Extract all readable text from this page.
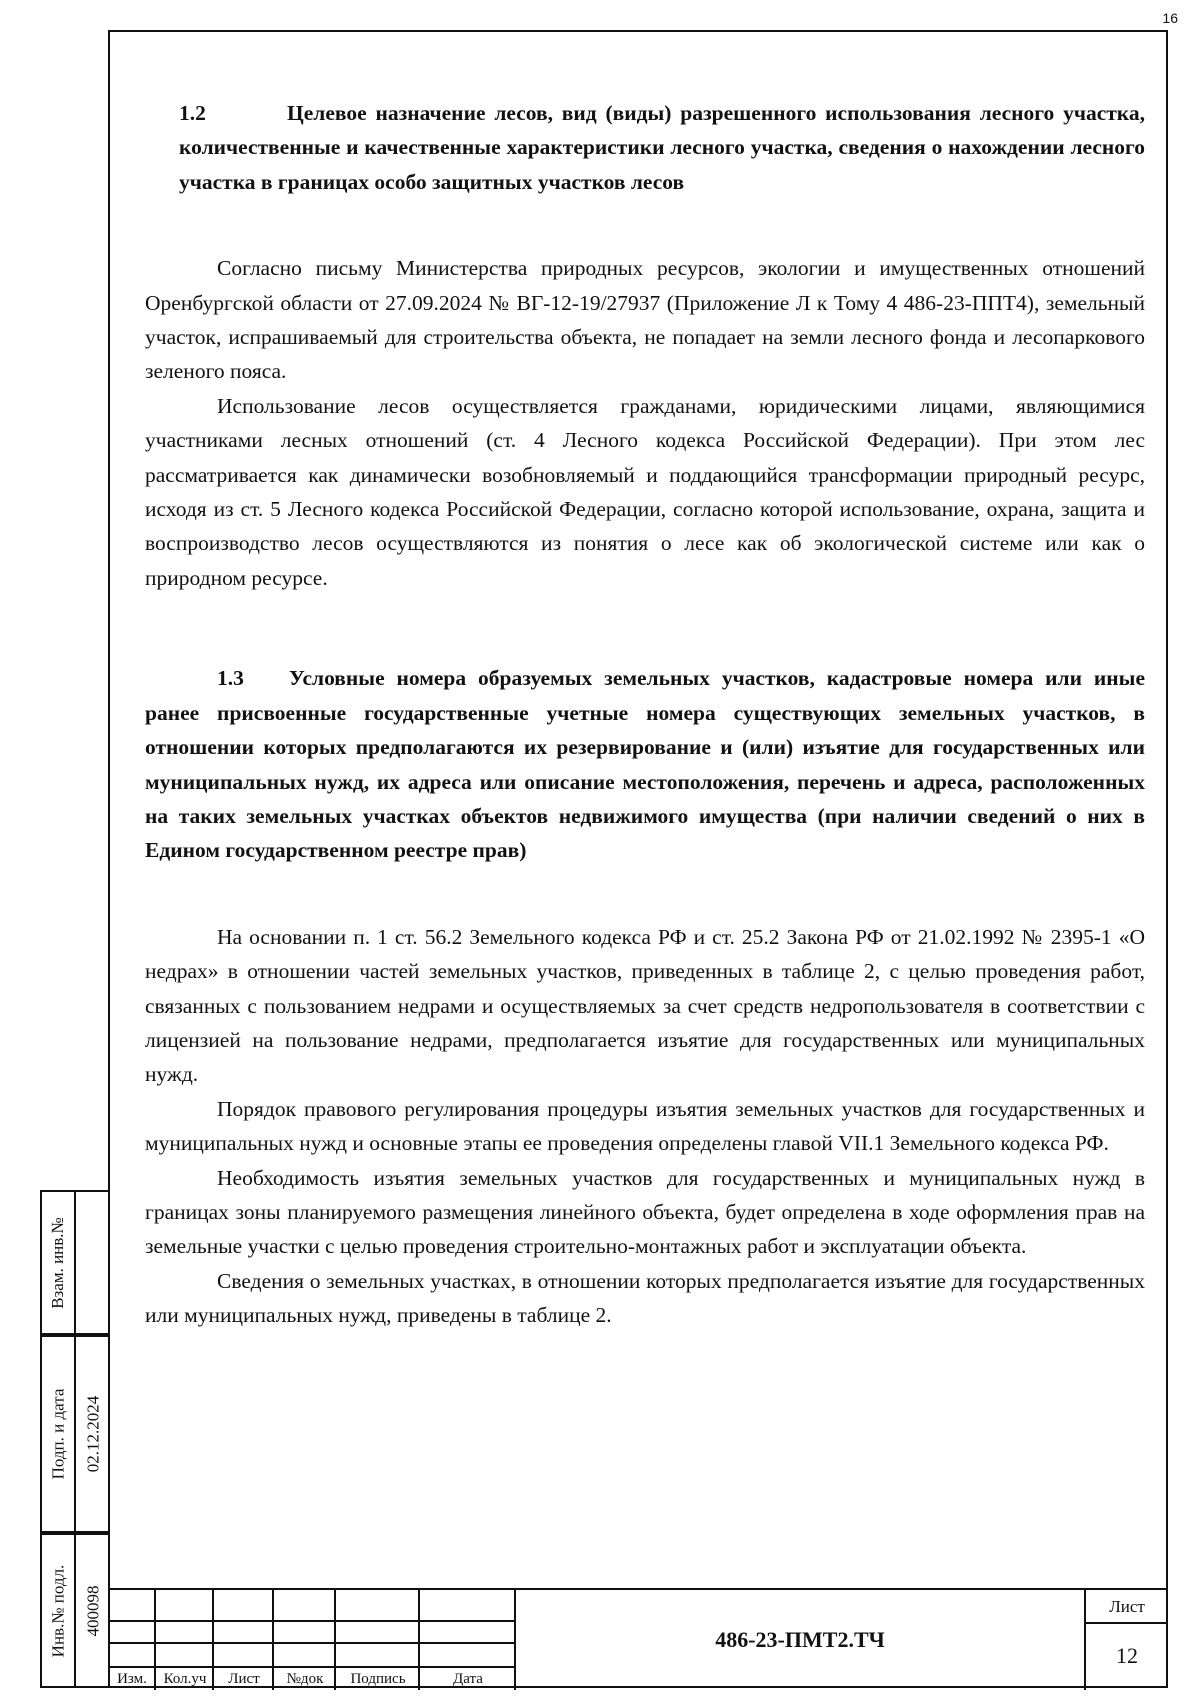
16
1.2	Целевое назначение лесов, вид (виды) разрешенного использования лесного участка, количественные и качественные характеристики лесного участка, сведения о нахождении лесного участка в границах особо защитных участков лесов

Согласно письму Министерства природных ресурсов, экологии и имущественных отношений Оренбургской области от 27.09.2024 № ВГ-12-19/27937 (Приложение Л к Тому 4 486-23-ППТ4), земельный участок, испрашиваемый для строительства объекта, не попадает на земли лесного фонда и лесопаркового зеленого пояса.

Использование лесов осуществляется гражданами, юридическими лицами, являющимися участниками лесных отношений (ст. 4 Лесного кодекса Российской Федерации). При этом лес рассматривается как динамически возобновляемый и поддающийся трансформации природный ресурс, исходя из ст. 5 Лесного кодекса Российской Федерации, согласно которой использование, охрана, защита и воспроизводство лесов осуществляются из понятия о лесе как об экологической системе или как о природном ресурсе.

1.3 Условные номера образуемых земельных участков, кадастровые номера или иные ранее присвоенные государственные учетные номера существующих земельных участков, в отношении которых предполагаются их резервирование и (или) изъятие для государственных или муниципальных нужд, их адреса или описание местоположения, перечень и адреса, расположенных на таких земельных участках объектов недвижимого имущества (при наличии сведений о них в Едином государственном реестре прав)

На основании п. 1 ст. 56.2 Земельного кодекса РФ и ст. 25.2 Закона РФ от 21.02.1992 № 2395-1 «О недрах» в отношении частей земельных участков, приведенных в таблице 2, с целью проведения работ, связанных с пользованием недрами и осуществляемых за счет средств недропользователя в соответствии с лицензией на пользование недрами, предполагается изъятие для государственных или муниципальных нужд.

Порядок правового регулирования процедуры изъятия земельных участков для государственных и муниципальных нужд и основные этапы ее проведения определены главой VII.1 Земельного кодекса РФ.

Необходимость изъятия земельных участков для государственных и муниципальных нужд в границах зоны планируемого размещения линейного объекта, будет определена в ходе оформления прав на земельные участки с целью проведения строительно-монтажных работ и эксплуатации объекта.

Сведения о земельных участках, в отношении которых предполагается изъятие для государственных или муниципальных нужд, приведены в таблице 2.

Взам. инв.№
Подп. и дата 02.12.2024
Инв.№ подл. 400098
Изм.	Кол.уч	Лист	№док	Подпись	Дата
486-23-ПМТ2.ТЧ
Лист
12
